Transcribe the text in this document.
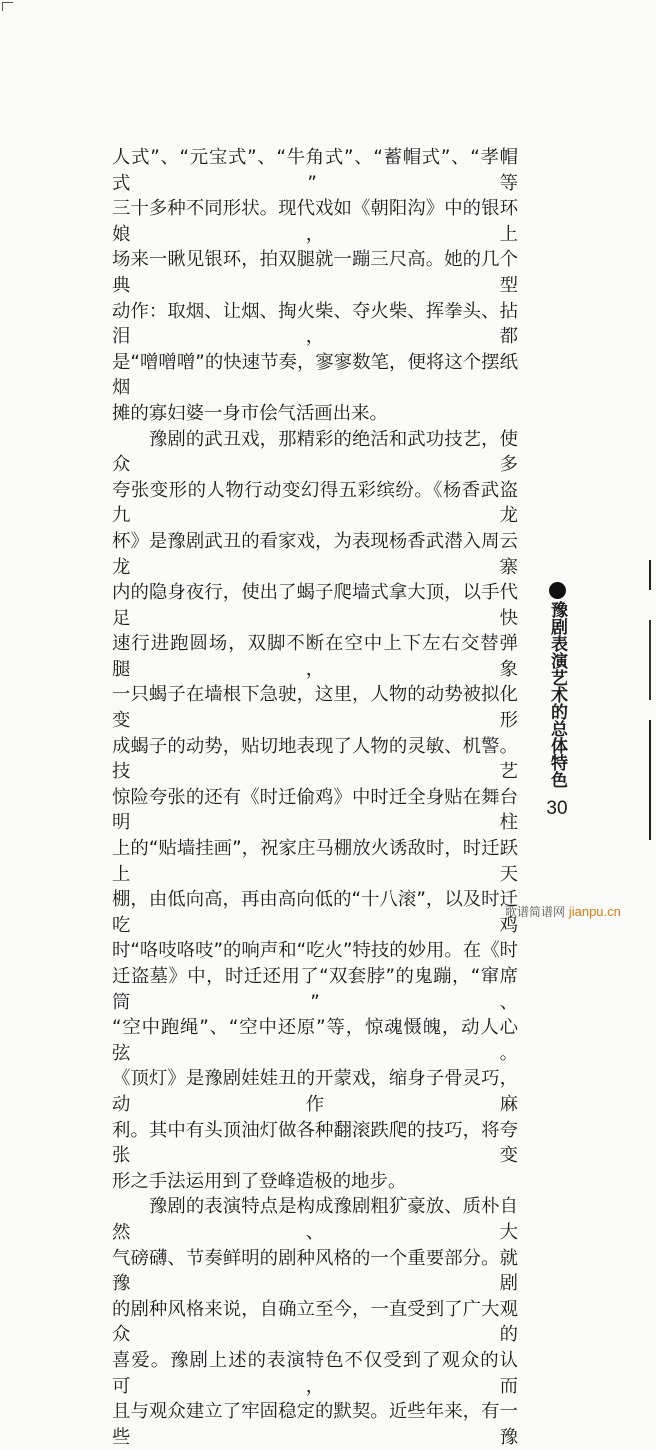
人式”、“元宝式”、“牛角式”、“蓄帽式”、“孝帽式” 等
三十多种不同形状。现代戏如《朝阳沟》中的银环娘，上
场来一瞅见银环，拍双腿就一蹦三尺高。她的几个典型
动作：取烟、让烟、掏火柴、夺火柴、挥拳头、拈泪，都
是“噌噌噌”的快速节奏，寥寥数笔，便将这个摆纸烟
摊的寡妇婆一身市侩气活画出来。
　　豫剧的武丑戏，那精彩的绝活和武功技艺，使众多
夸张变形的人物行动变幻得五彩缤纷。《杨香武盗九龙
杯》是豫剧武丑的看家戏，为表现杨香武潜入周云龙寨
内的隐身夜行，使出了蝎子爬墙式拿大顶，以手代足快
速行进跑圆场，双脚不断在空中上下左右交替弹腿，象
一只蝎子在墙根下急驶，这里，人物的动势被拟化变形
成蝎子的动势，贴切地表现了人物的灵敏、机警。技艺
惊险夸张的还有《时迁偷鸡》中时迁全身贴在舞台明柱
上的“贴墙挂画”，祝家庄马棚放火诱敌时，时迁跃上天
棚，由低向高，再由高向低的“十八滚”，以及时迁吃鸡
时“咯吱咯吱”的响声和“吃火”特技的妙用。在《时
迁盗墓》中，时迁还用了“双套脖”的鬼蹦，“窜席筒”、
“空中跑绳”、“空中还原”等，惊魂慑魄，动人心弦。
《顶灯》是豫剧娃娃丑的开蒙戏，缩身子骨灵巧，动作麻
利。其中有头顶油灯做各种翻滚跌爬的技巧，将夸张变
形之手法运用到了登峰造极的地步。
　　豫剧的表演特点是构成豫剧粗犷豪放、质朴自然、大
气磅礴、节奏鲜明的剧种风格的一个重要部分。就豫剧
的剧种风格来说，自确立至今，一直受到了广大观众的
喜爱。豫剧上述的表演特色不仅受到了观众的认可，而
且与观众建立了牢固稳定的默契。近些年来，有一些豫
豫剧表演艺术的总体特色
30
歌谱简谱网 jianpu.cn
